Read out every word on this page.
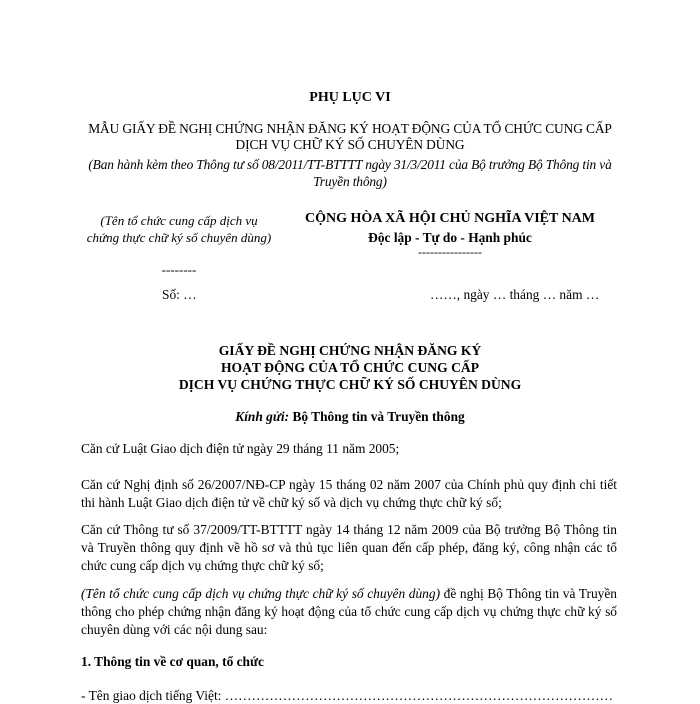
PHỤ LỤC VI
MẪU GIẤY ĐỀ NGHỊ CHỨNG NHẬN ĐĂNG KÝ HOẠT ĐỘNG CỦA TỔ CHỨC CUNG CẤP DỊCH VỤ CHỮ KÝ SỐ CHUYÊN DÙNG
(Ban hành kèm theo Thông tư số 08/2011/TT-BTTTT ngày 31/3/2011 của Bộ trưởng Bộ Thông tin và Truyền thông)
(Tên tổ chức cung cấp dịch vụ chứng thực chữ ký số chuyên dùng)
--------
CỘNG HÒA XÃ HỘI CHỦ NGHĨA VIỆT NAM
Độc lập - Tự do - Hạnh phúc
----------------
Số: …	……, ngày … tháng … năm …
GIẤY ĐỀ NGHỊ CHỨNG NHẬN ĐĂNG KÝ
HOẠT ĐỘNG CỦA TỔ CHỨC CUNG CẤP
DỊCH VỤ CHỨNG THỰC CHỮ KÝ SỐ CHUYÊN DÙNG
Kính gửi: Bộ Thông tin và Truyền thông
Căn cứ Luật Giao dịch điện tử ngày 29 tháng 11 năm 2005;
Căn cứ Nghị định số 26/2007/NĐ-CP ngày 15 tháng 02 năm 2007 của Chính phủ quy định chi tiết thi hành Luật Giao dịch điện tử về chữ ký số và dịch vụ chứng thực chữ ký số;
Căn cứ Thông tư số 37/2009/TT-BTTTT ngày 14 tháng 12 năm 2009 của Bộ trưởng Bộ Thông tin và Truyền thông quy định về hồ sơ và thủ tục liên quan đến cấp phép, đăng ký, công nhận các tổ chức cung cấp dịch vụ chứng thực chữ ký số;
(Tên tổ chức cung cấp dịch vụ chứng thực chữ ký số chuyên dùng) đề nghị Bộ Thông tin và Truyền thông cho phép chứng nhận đăng ký hoạt động của tổ chức cung cấp dịch vụ chứng thực chữ ký số chuyên dùng với các nội dung sau:
1. Thông tin về cơ quan, tổ chức
- Tên giao dịch tiếng Việt: ……………………………………………………………………………
